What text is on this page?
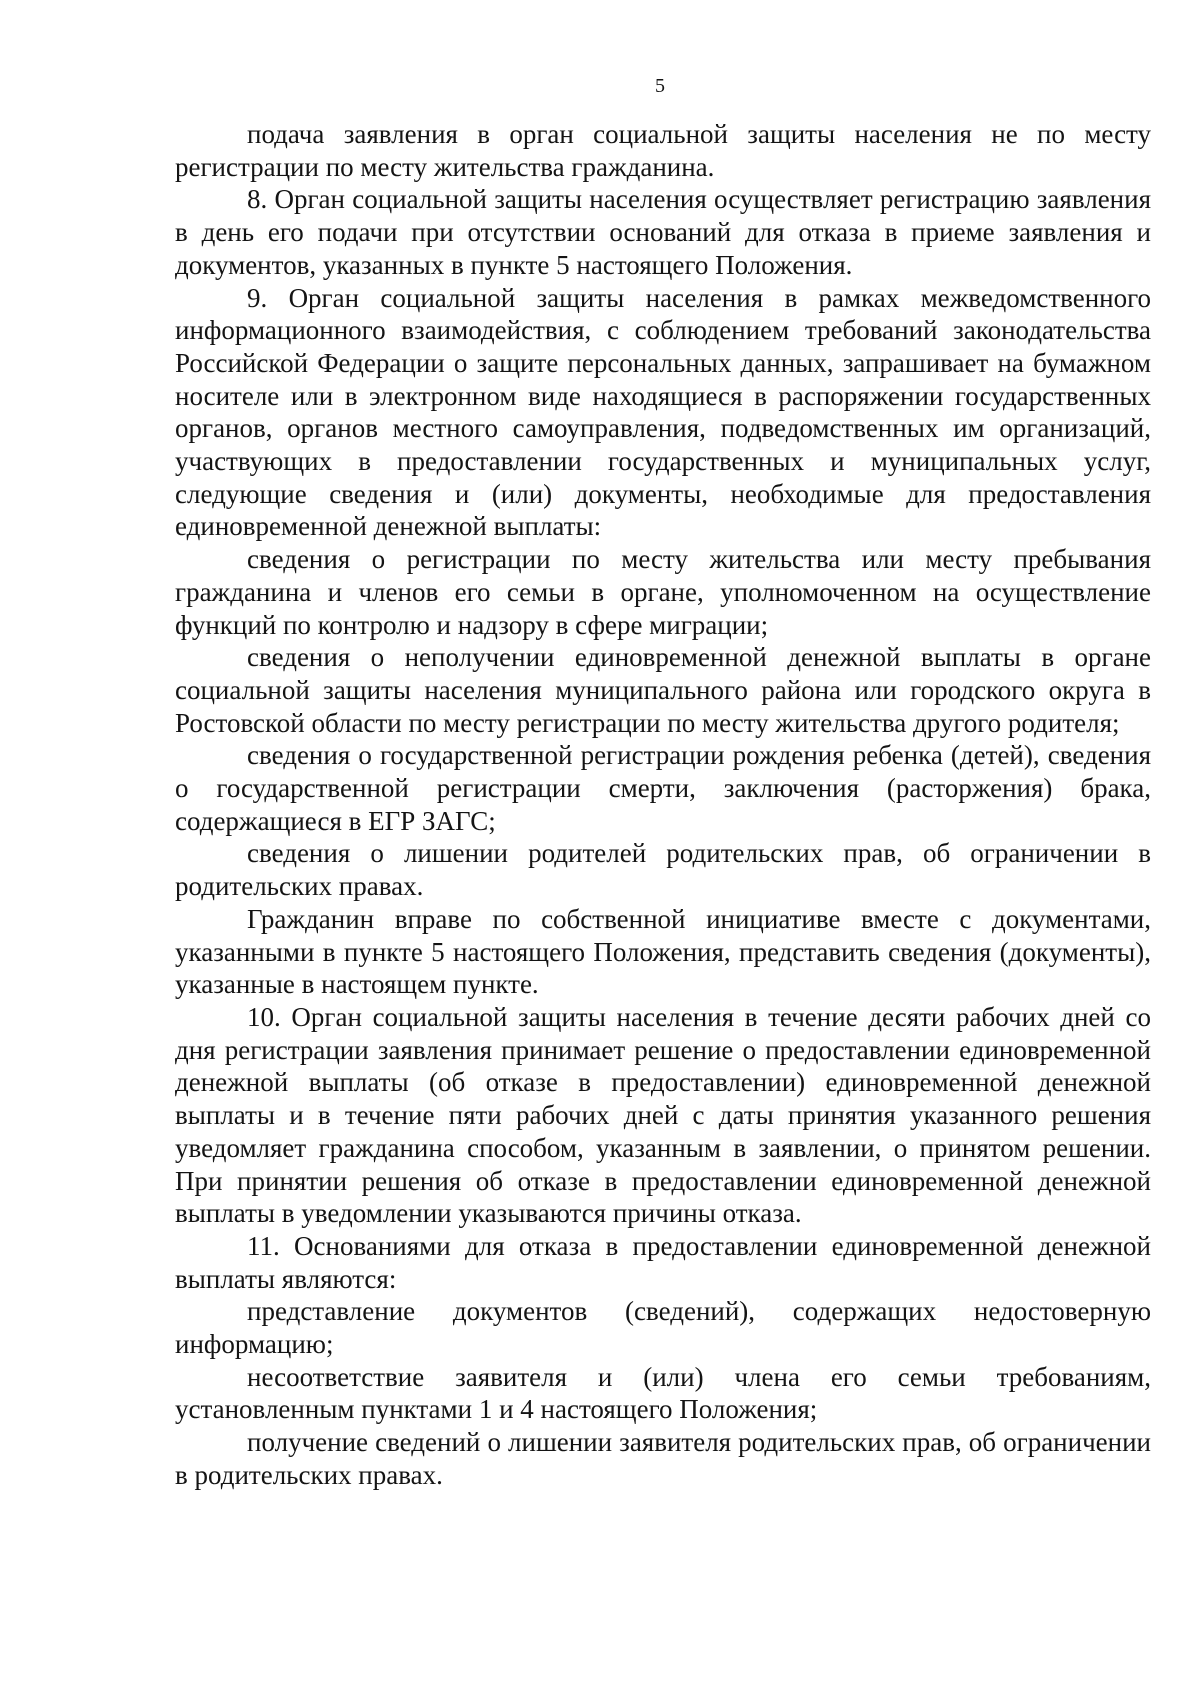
5

подача заявления в орган социальной защиты населения не по месту регистрации по месту жительства гражданина.

8. Орган социальной защиты населения осуществляет регистрацию заявления в день его подачи при отсутствии оснований для отказа в приеме заявления и документов, указанных в пункте 5 настоящего Положения.

9. Орган социальной защиты населения в рамках межведомственного информационного взаимодействия, с соблюдением требований законодательства Российской Федерации о защите персональных данных, запрашивает на бумажном носителе или в электронном виде находящиеся в распоряжении государственных органов, органов местного самоуправления, подведомственных им организаций, участвующих в предоставлении государственных и муниципальных услуг, следующие сведения и (или) документы, необходимые для предоставления единовременной денежной выплаты:

сведения о регистрации по месту жительства или месту пребывания гражданина и членов его семьи в органе, уполномоченном на осуществление функций по контролю и надзору в сфере миграции;

сведения о неполучении единовременной денежной выплаты в органе социальной защиты населения муниципального района или городского округа в Ростовской области по месту регистрации по месту жительства другого родителя;

сведения о государственной регистрации рождения ребенка (детей), сведения о государственной регистрации смерти, заключения (расторжения) брака, содержащиеся в ЕГР ЗАГС;

сведения о лишении родителей родительских прав, об ограничении в родительских правах.

Гражданин вправе по собственной инициативе вместе с документами, указанными в пункте 5 настоящего Положения, представить сведения (документы), указанные в настоящем пункте.

10. Орган социальной защиты населения в течение десяти рабочих дней со дня регистрации заявления принимает решение о предоставлении единовременной денежной выплаты (об отказе в предоставлении) единовременной денежной выплаты и в течение пяти рабочих дней с даты принятия указанного решения уведомляет гражданина способом, указанным в заявлении, о принятом решении. При принятии решения об отказе в предоставлении единовременной денежной выплаты в уведомлении указываются причины отказа.

11. Основаниями для отказа в предоставлении единовременной денежной выплаты являются:

представление документов (сведений), содержащих недостоверную информацию;

несоответствие заявителя и (или) члена его семьи требованиям, установленным пунктами 1 и 4 настоящего Положения;

получение сведений о лишении заявителя родительских прав, об ограничении в родительских правах.
